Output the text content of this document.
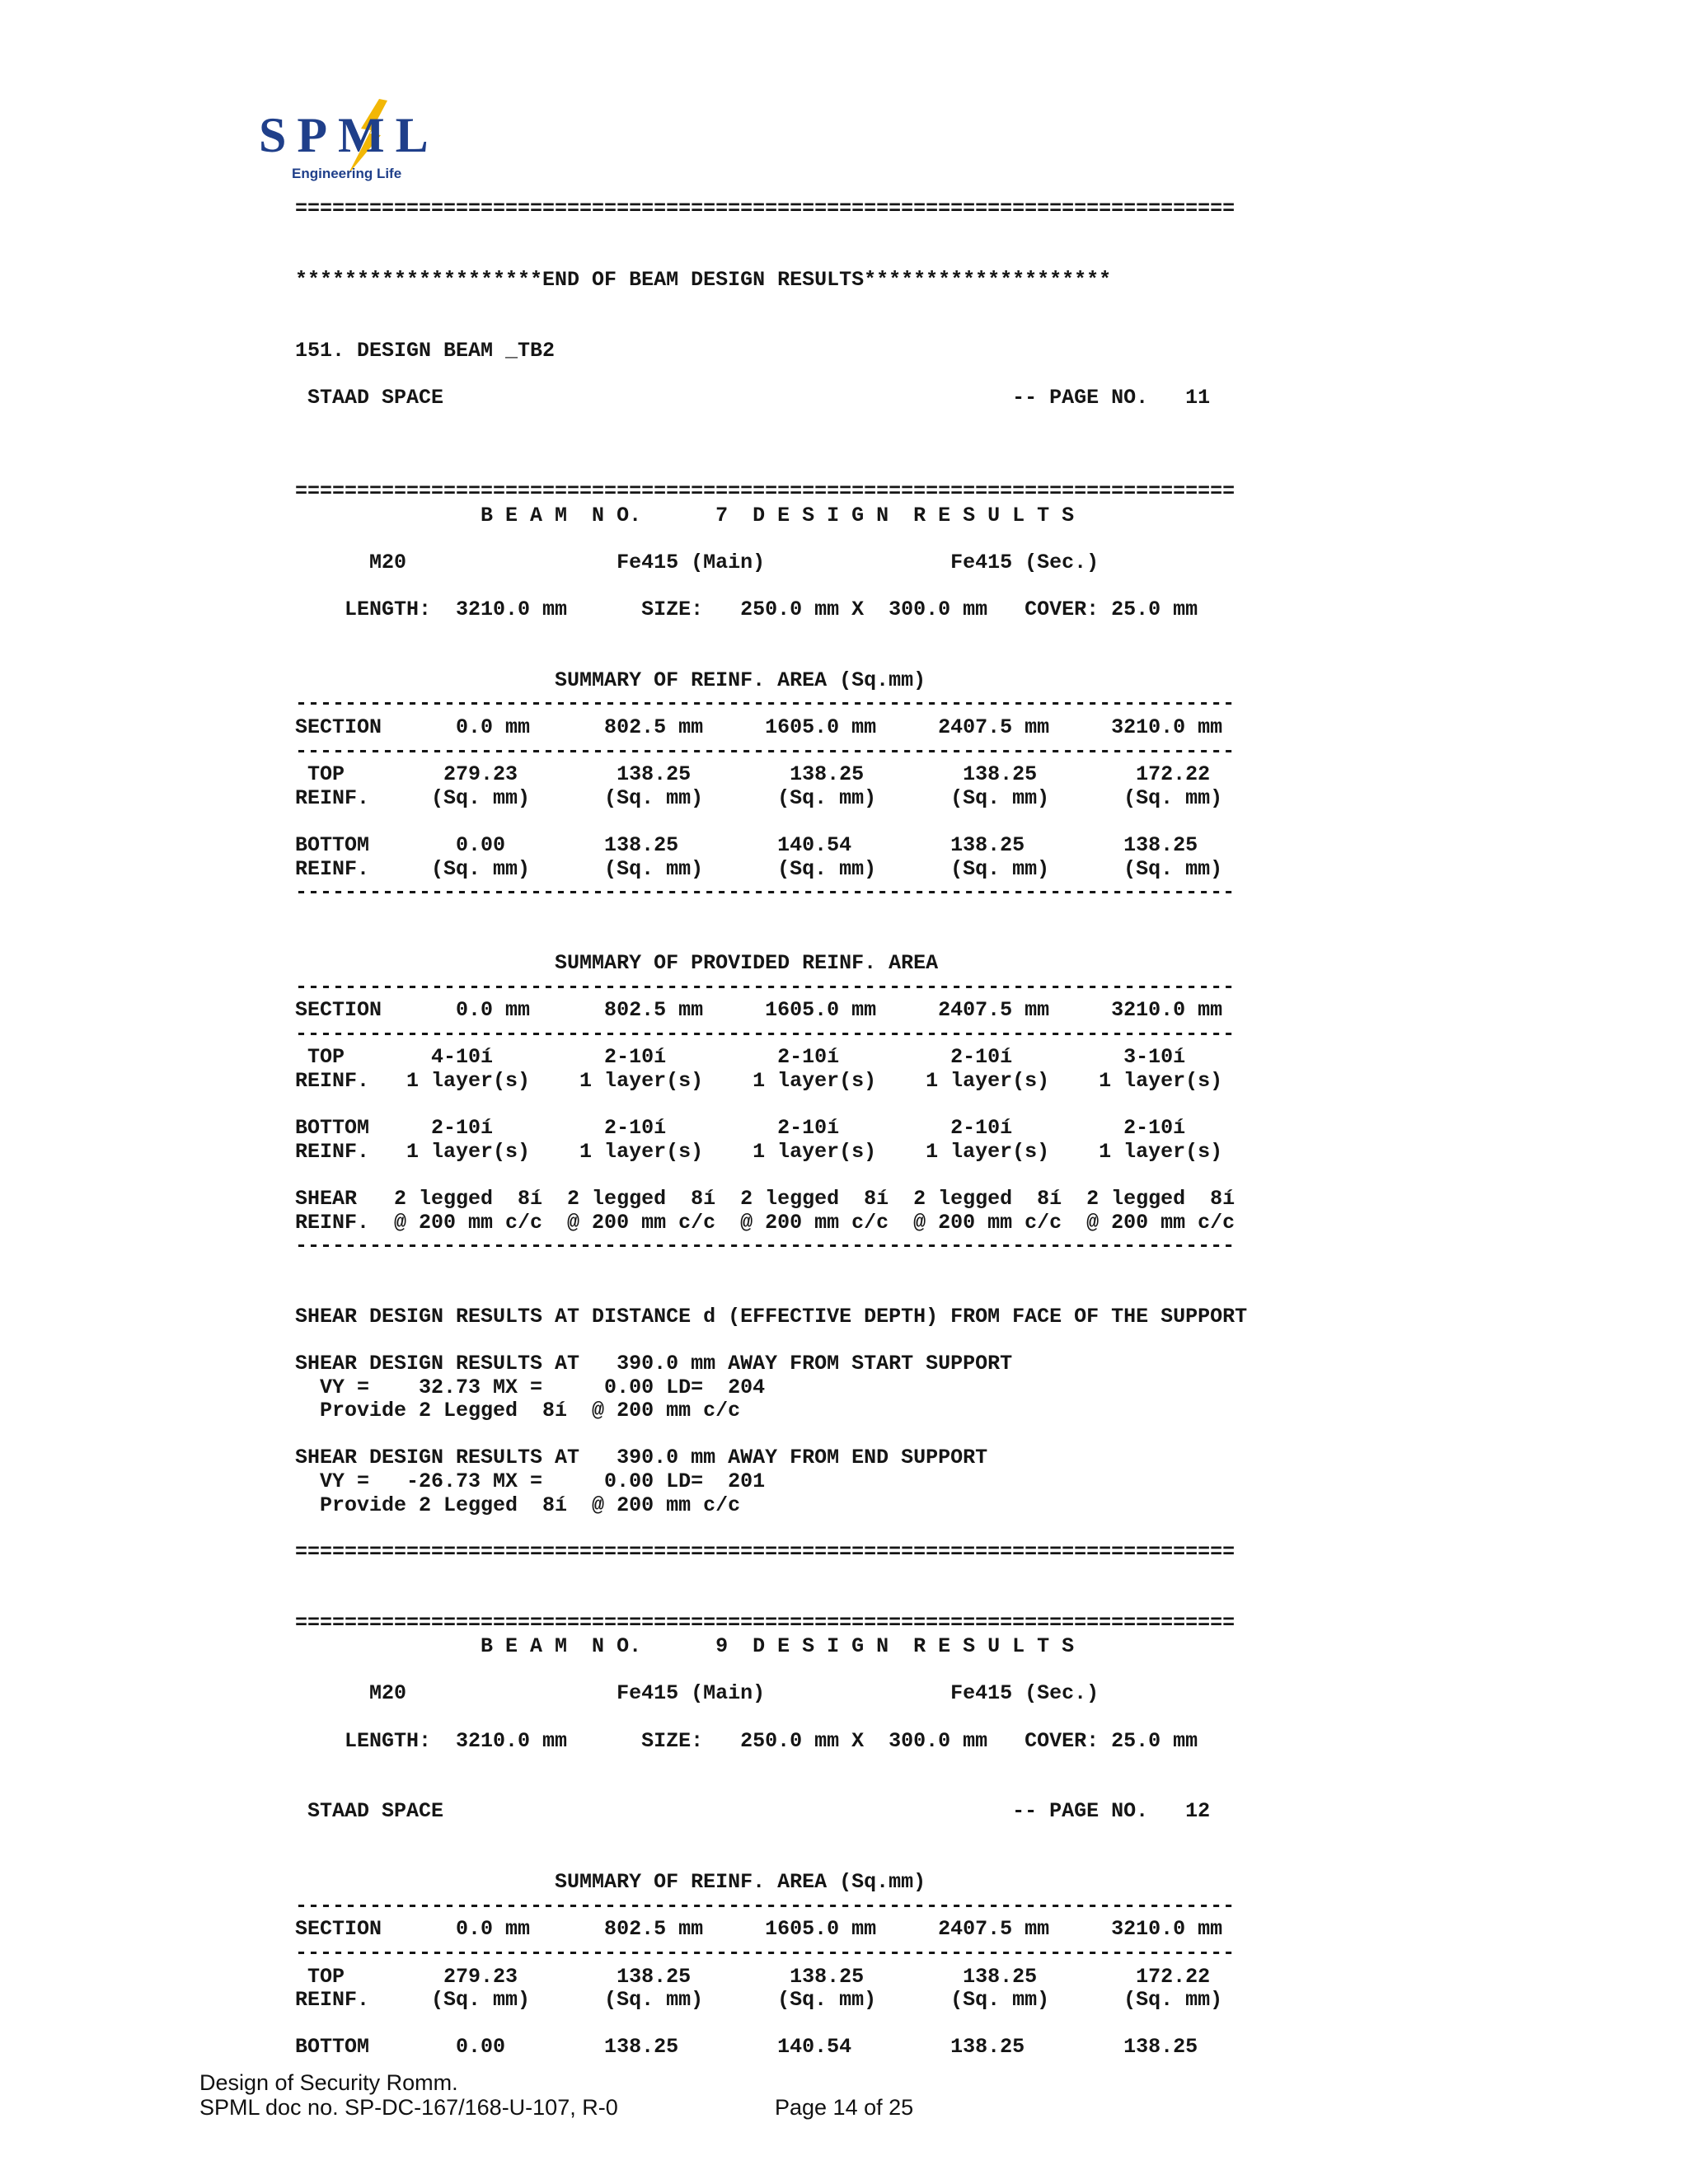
SPML
Engineering Life
============================================================================
********************END OF BEAM DESIGN RESULTS********************
151. DESIGN BEAM _TB2
STAAD SPACE                                              -- PAGE NO.   11
============================================================================
B E A M  N O.      7  D E S I G N  R E S U L T S
M20                 Fe415 (Main)               Fe415 (Sec.)
LENGTH:  3210.0 mm      SIZE:   250.0 mm X  300.0 mm   COVER: 25.0 mm
SUMMARY OF REINF. AREA (Sq.mm)
----------------------------------------------------------------------------
SECTION      0.0 mm      802.5 mm     1605.0 mm     2407.5 mm     3210.0 mm
----------------------------------------------------------------------------
TOP        279.23        138.25        138.25        138.25        172.22
REINF.     (Sq. mm)      (Sq. mm)      (Sq. mm)      (Sq. mm)      (Sq. mm)
BOTTOM       0.00        138.25        140.54        138.25        138.25
REINF.     (Sq. mm)      (Sq. mm)      (Sq. mm)      (Sq. mm)      (Sq. mm)
----------------------------------------------------------------------------
SUMMARY OF PROVIDED REINF. AREA
----------------------------------------------------------------------------
SECTION      0.0 mm      802.5 mm     1605.0 mm     2407.5 mm     3210.0 mm
----------------------------------------------------------------------------
TOP       4-10í         2-10í         2-10í         2-10í         3-10í
REINF.   1 layer(s)    1 layer(s)    1 layer(s)    1 layer(s)    1 layer(s)
BOTTOM     2-10í         2-10í         2-10í         2-10í         2-10í
REINF.   1 layer(s)    1 layer(s)    1 layer(s)    1 layer(s)    1 layer(s)
SHEAR   2 legged  8í  2 legged  8í  2 legged  8í  2 legged  8í  2 legged  8í
REINF.  @ 200 mm c/c  @ 200 mm c/c  @ 200 mm c/c  @ 200 mm c/c  @ 200 mm c/c
----------------------------------------------------------------------------
SHEAR DESIGN RESULTS AT DISTANCE d (EFFECTIVE DEPTH) FROM FACE OF THE SUPPORT
SHEAR DESIGN RESULTS AT   390.0 mm AWAY FROM START SUPPORT
VY =    32.73 MX =     0.00 LD=  204
Provide 2 Legged  8í  @ 200 mm c/c
SHEAR DESIGN RESULTS AT   390.0 mm AWAY FROM END SUPPORT
VY =   -26.73 MX =     0.00 LD=  201
Provide 2 Legged  8í  @ 200 mm c/c
============================================================================
============================================================================
B E A M  N O.      9  D E S I G N  R E S U L T S
M20                 Fe415 (Main)               Fe415 (Sec.)
LENGTH:  3210.0 mm      SIZE:   250.0 mm X  300.0 mm   COVER: 25.0 mm
STAAD SPACE                                              -- PAGE NO.   12
SUMMARY OF REINF. AREA (Sq.mm)
----------------------------------------------------------------------------
SECTION      0.0 mm      802.5 mm     1605.0 mm     2407.5 mm     3210.0 mm
----------------------------------------------------------------------------
TOP        279.23        138.25        138.25        138.25        172.22
REINF.     (Sq. mm)      (Sq. mm)      (Sq. mm)      (Sq. mm)      (Sq. mm)
BOTTOM       0.00        138.25        140.54        138.25        138.25
Design of Security Romm.
SPML doc no. SP-DC-167/168-U-107, R-0	Page 14 of 25
